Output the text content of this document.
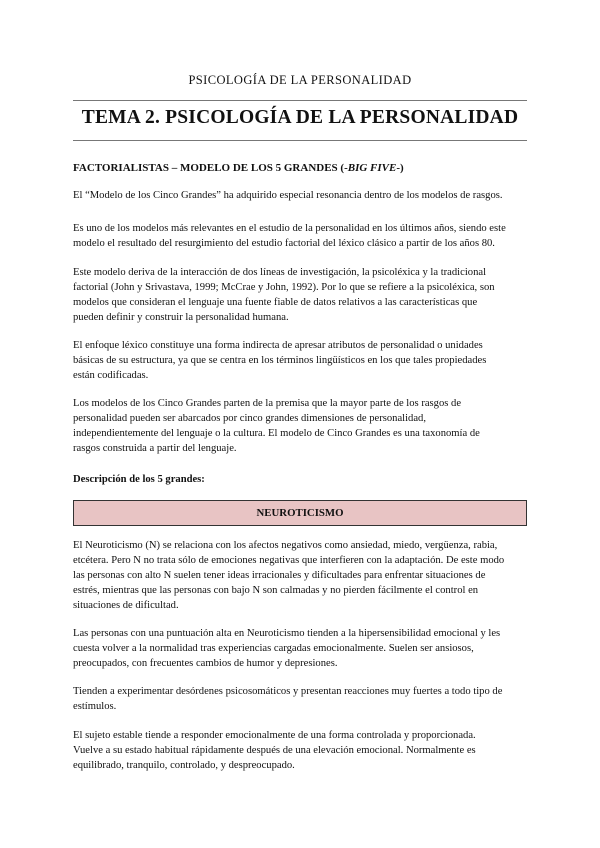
PSICOLOGÍA DE LA PERSONALIDAD
TEMA 2. PSICOLOGÍA DE LA PERSONALIDAD
FACTORIALISTAS – MODELO DE LOS 5 GRANDES (-BIG FIVE-)
El “Modelo de los Cinco Grandes” ha adquirido especial resonancia dentro de los modelos de rasgos.
Es uno de los modelos más relevantes en el estudio de la personalidad en los últimos años, siendo este
modelo el resultado del resurgimiento del estudio factorial del léxico clásico a partir de los años 80.
Este modelo deriva de la interacción de dos líneas de investigación, la psicoléxica y la tradicional
factorial (John y Srivastava, 1999; McCrae y John, 1992). Por lo que se refiere a la psicoléxica, son
modelos que consideran el lenguaje una fuente fiable de datos relativos a las características que
pueden definir y construir la personalidad humana.
El enfoque léxico constituye una forma indirecta de apresar atributos de personalidad o unidades
básicas de su estructura, ya que se centra en los términos lingüísticos en los que tales propiedades
están codificadas.
Los modelos de los Cinco Grandes parten de la premisa que la mayor parte de los rasgos de
personalidad pueden ser abarcados por cinco grandes dimensiones de personalidad,
independientemente del lenguaje o la cultura. El modelo de Cinco Grandes es una taxonomía de
rasgos construida a partir del lenguaje.
Descripción de los 5 grandes:
NEUROTICISMO
El Neuroticismo (N) se relaciona con los afectos negativos como ansiedad, miedo, vergüenza, rabia,
etcétera. Pero N no trata sólo de emociones negativas que interfieren con la adaptación. De este modo
las personas con alto N suelen tener ideas irracionales y dificultades para enfrentar situaciones de
estrés, mientras que las personas con bajo N son calmadas y no pierden fácilmente el control en
situaciones de dificultad.
Las personas con una puntuación alta en Neuroticismo tienden a la hipersensibilidad emocional y les
cuesta volver a la normalidad tras experiencias cargadas emocionalmente. Suelen ser ansiosos,
preocupados, con frecuentes cambios de humor y depresiones.
Tienden a experimentar desórdenes psicosomáticos y presentan reacciones muy fuertes a todo tipo de
estímulos.
El sujeto estable tiende a responder emocionalmente de una forma controlada y proporcionada.
Vuelve a su estado habitual rápidamente después de una elevación emocional. Normalmente es
equilibrado, tranquilo, controlado, y despreocupado.
